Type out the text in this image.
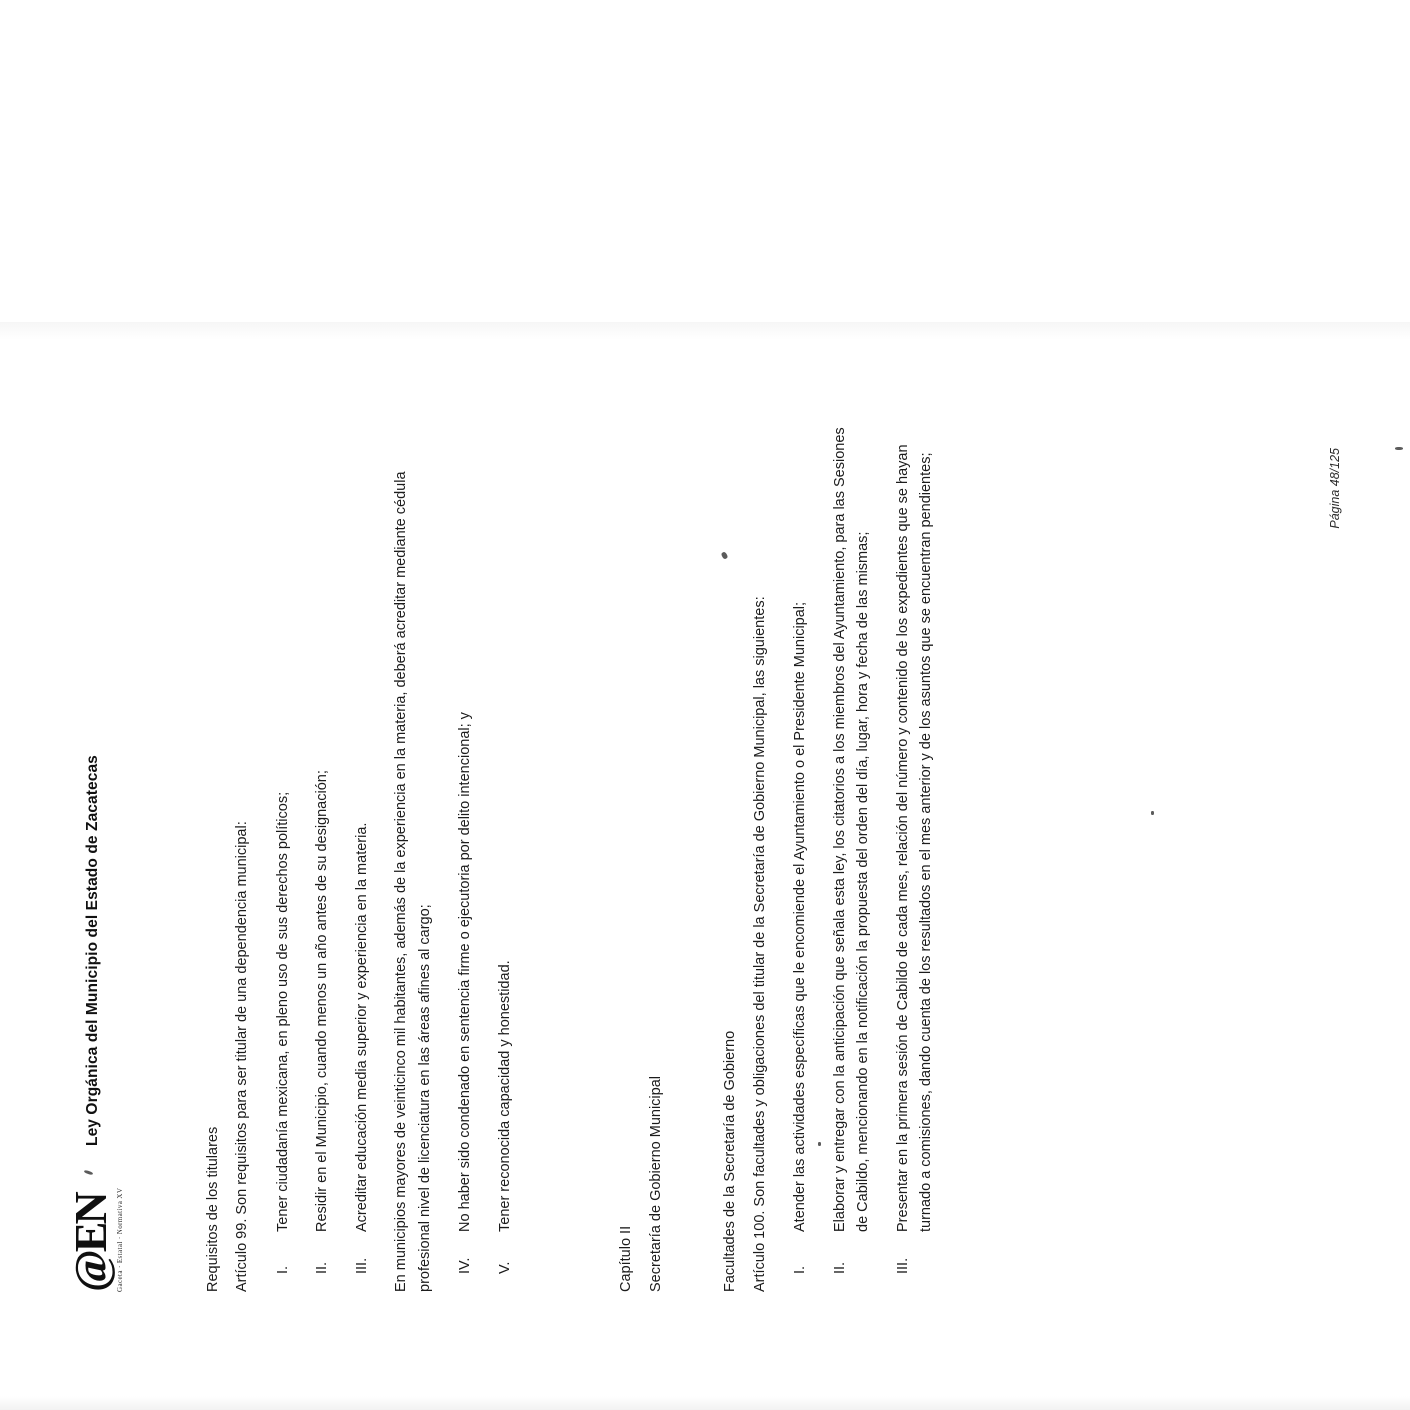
@EN Gaceta · Estatal · Normativa XV
Ley Orgánica del Municipio del Estado de Zacatecas

Requisitos de los titulares Artículo 99. Son requisitos para ser titular de una dependencia municipal:	I.
Tener ciudadanía mexicana, en pleno uso de sus derechos políticos;
II.
Residir en el Municipio, cuando menos un año antes de su designación;
III.
Acreditar educación media superior y experiencia en la materia.	En municipios mayores de veinticinco mil habitantes, además de la experiencia en la materia, deberá acreditar mediante cédula profesional nivel de licenciatura en las áreas afines al cargo;	IV.
No haber sido condenado en sentencia firme o ejecutoria por delito intencional; y
V.
Tener reconocida capacidad y honestidad.

Capítulo II Secretaría de Gobierno Municipal	Facultades de la Secretaría de Gobierno Artículo 100. Son facultades y obligaciones del titular de la Secretaría de Gobierno Municipal, las siguientes:	I.
Atender las actividades específicas que le encomiende el Ayuntamiento o el Presidente Municipal;
II.
Elaborar y entregar con la anticipación que señala esta ley, los citatorios a los miembros del Ayuntamiento, para las Sesiones de Cabildo, mencionando en la notificación la propuesta del orden del día, lugar, hora y fecha de las mismas;
III.
Presentar en la primera sesión de Cabildo de cada mes, relación del número y contenido de los expedientes que se hayan turnado a comisiones, dando cuenta de los resultados en el mes anterior y de los asuntos que se encuentran pendientes;	Página 48/125
